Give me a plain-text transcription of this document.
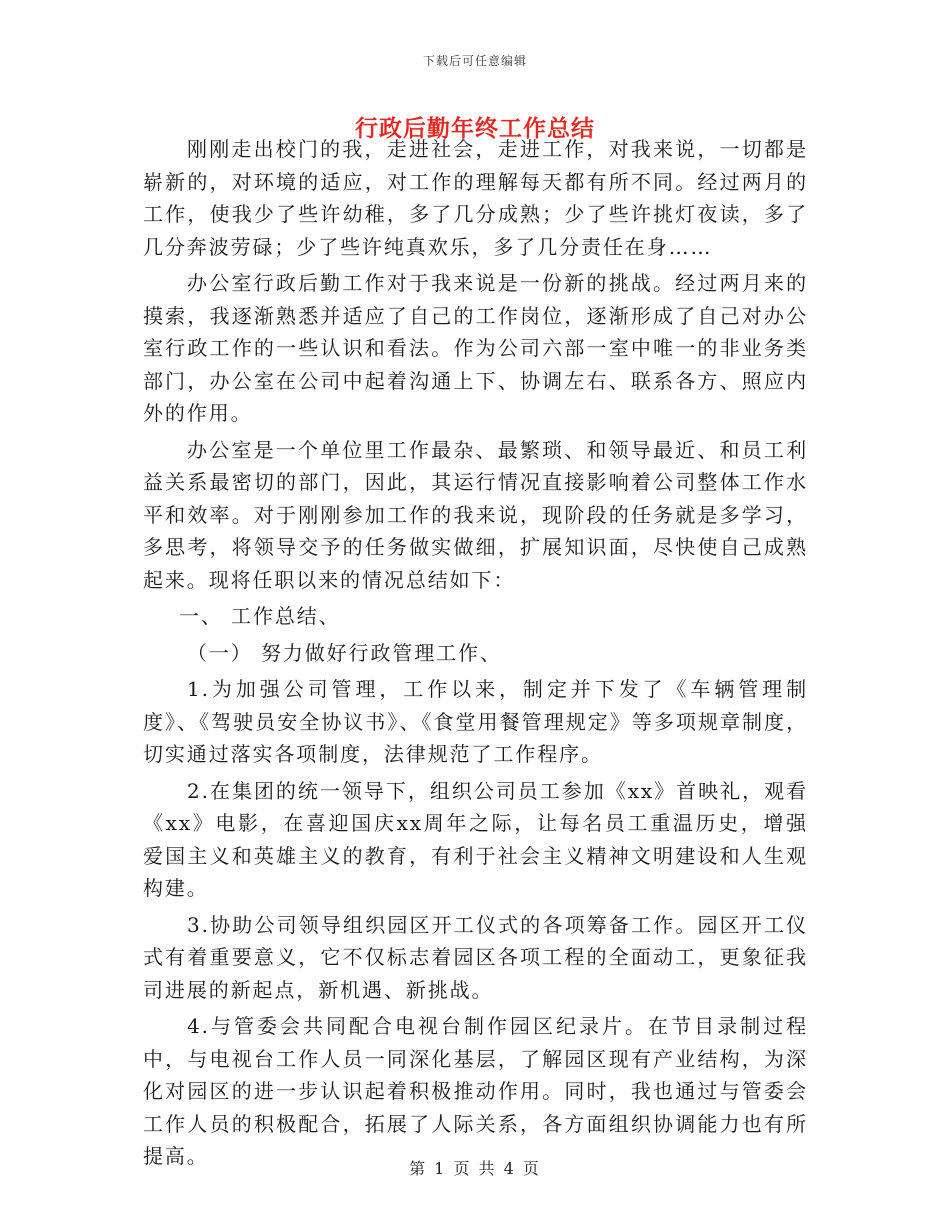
下载后可任意编辑
行政后勤年终工作总结

刚刚走出校门的我，走进社会，走进工作，对我来说，一切都是崭新的，对环境的适应，对工作的理解每天都有所不同。经过两月的工作，使我少了些许幼稚，多了几分成熟；少了些许挑灯夜读，多了几分奔波劳碌；少了些许纯真欢乐，多了几分责任在身……

办公室行政后勤工作对于我来说是一份新的挑战。经过两月来的摸索，我逐渐熟悉并适应了自己的工作岗位，逐渐形成了自己对办公室行政工作的一些认识和看法。作为公司六部一室中唯一的非业务类部门，办公室在公司中起着沟通上下、协调左右、联系各方、照应内外的作用。

办公室是一个单位里工作最杂、最繁琐、和领导最近、和员工利益关系最密切的部门，因此，其运行情况直接影响着公司整体工作水平和效率。对于刚刚参加工作的我来说，现阶段的任务就是多学习，多思考，将领导交予的任务做实做细，扩展知识面，尽快使自己成熟起来。现将任职以来的情况总结如下：

一、 工作总结、

（一） 努力做好行政管理工作、

1.为加强公司管理，工作以来，制定并下发了《车辆管理制度》、《驾驶员安全协议书》、《食堂用餐管理规定》等多项规章制度，切实通过落实各项制度，法律规范了工作程序。

2.在集团的统一领导下，组织公司员工参加《xx》首映礼，观看《xx》电影，在喜迎国庆xx周年之际，让每名员工重温历史，增强爱国主义和英雄主义的教育，有利于社会主义精神文明建设和人生观构建。

3.协助公司领导组织园区开工仪式的各项筹备工作。园区开工仪式有着重要意义，它不仅标志着园区各项工程的全面动工，更象征我司进展的新起点，新机遇、新挑战。

4.与管委会共同配合电视台制作园区纪录片。在节目录制过程中，与电视台工作人员一同深化基层，了解园区现有产业结构，为深化对园区的进一步认识起着积极推动作用。同时，我也通过与管委会工作人员的积极配合，拓展了人际关系，各方面组织协调能力也有所提高。

第 1 页 共 4 页
